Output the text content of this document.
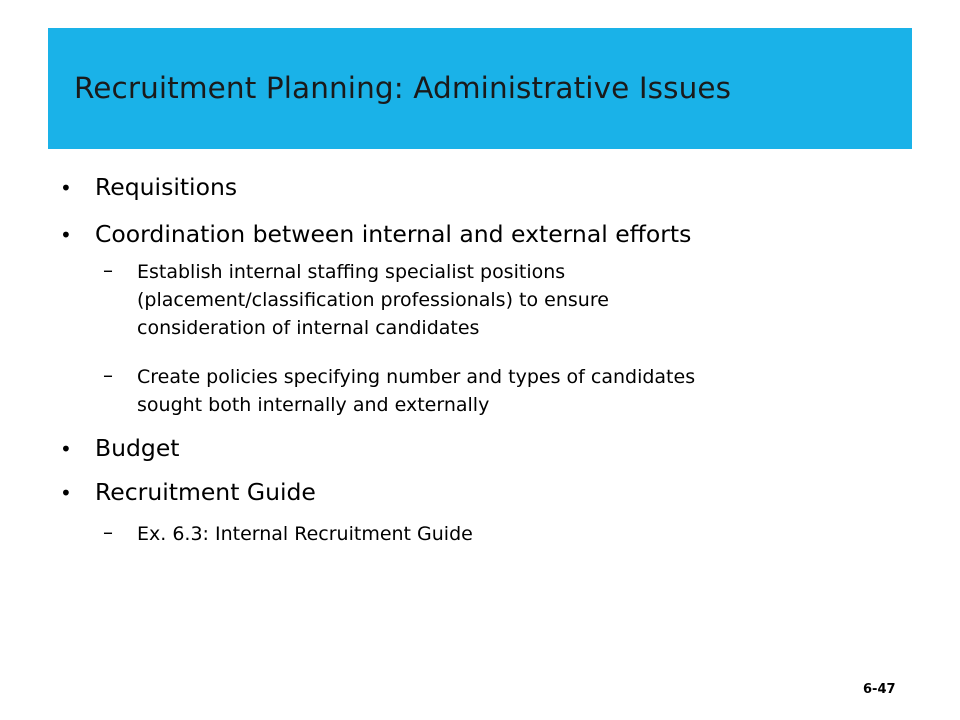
Recruitment Planning: Administrative Issues
• Requisitions
• Coordination between internal and external efforts
– Establish internal staffing specialist positions
(placement/classification professionals) to ensure
consideration of internal candidates
– Create policies specifying number and types of candidates
sought both internally and externally
• Budget
• Recruitment Guide
– Ex. 6.3: Internal Recruitment Guide
6-47
